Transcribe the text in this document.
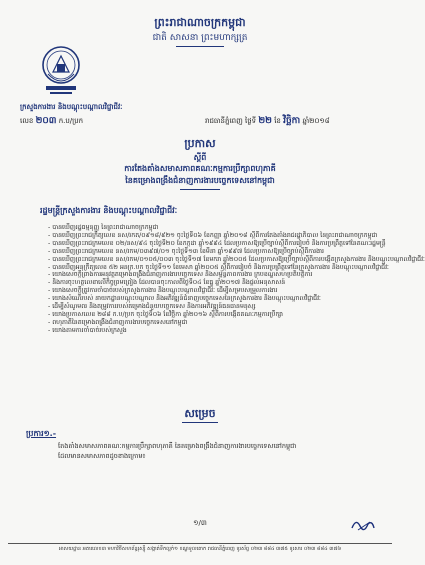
ព្រះរាជាណាចក្រកម្ពុជា
ជាតិ សាសនា ព្រះមហាក្សត្រ
ក្រសួងការងារ និងបណ្តុះបណ្តាលវិជ្ជាជីវៈ
លេខ ២០៣ ក.ប/ប្រក	រាជធានីភ្នំពេញ ថ្ងៃទី ២២ ខែ វិច្ឆិកា ឆ្នាំ២០១៨
ប្រកាស
ស្តីពី
ការតែងតាំងសមាសភាពគណៈកម្មការប្រឹក្សាពហុភាគី
នៃគម្រោងពង្រឹងជំនាញការងារបច្ចេកទេសនៅកម្ពុជា
រដ្ឋមន្ត្រីក្រសួងការងារ និងបណ្តុះបណ្តាលវិជ្ជាជីវៈ
- បានឃើញរដ្ឋធម្មនុញ្ញ នៃព្រះរាជាណាចក្រកម្ពុជា
- បានឃើញព្រះរាជក្រឹត្យលេខ នស/រកត/០៩១៨/៩២១ ចុះថ្ងៃទី០៦ ខែកញ្ញា ឆ្នាំ២០១៨ ស្តីពីការតែងតាំងរាជរដ្ឋាភិបាល នៃព្រះរាជាណាចក្រកម្ពុជា
- បានឃើញព្រះរាជក្រមលេខ ០២/នស/៩៤ ចុះថ្ងៃទី២០ ខែកក្កដា ឆ្នាំ១៩៩៤ ដែលប្រកាសឱ្យប្រើច្បាប់ស្តីពីការរៀបចំ និងការប្រព្រឹត្តទៅនៃគណៈរដ្ឋមន្ត្រី
- បានឃើញព្រះរាជក្រមលេខ នស/រកម/០៣៩៧/០១ ចុះថ្ងៃទី១៣ ខែមីនា ឆ្នាំ១៩៩៧ ដែលប្រកាសឱ្យប្រើច្បាប់ស្តីពីការងារ
- បានឃើញព្រះរាជក្រមលេខ នស/រកម/០១០៥/០០៣ ចុះថ្ងៃទី១៧ ខែមករា ឆ្នាំ២០០៥ ដែលប្រកាសឱ្យប្រើច្បាប់ស្តីពីការបង្កើតក្រសួងការងារ និងបណ្តុះបណ្តាលវិជ្ជាជីវៈ
- បានឃើញអនុក្រឹត្យលេខ ៥២ អនក្រ.បក ចុះថ្ងៃទី១១ ខែមេសា ឆ្នាំ២០០៥ ស្តីពីការរៀបចំ និងការប្រព្រឹត្តទៅនៃក្រសួងការងារ និងបណ្តុះបណ្តាលវិជ្ជាជីវៈ
- យោងសេចក្តីព្រាងការអនុវត្តគម្រោងពង្រឹងជំនាញការងារបច្ចេកទេស និងសម្ព័ន្ធភាពការងារ ក្របខណ្ឌសហប្រតិបត្តិការ
- និងការចុះហត្ថលេខាលើកិច្ចព្រមព្រៀង ដែលបានចុះកាលពីថ្ងៃទី០៤ ខែធ្នូ ឆ្នាំ២០១៧ និងផ្តល់អនុសាសន៍
- យោងសេចក្តីត្រូវការចាំបាច់របស់ក្រសួងការងារ និងបណ្តុះបណ្តាលវិជ្ជាជីវៈ ដើម្បីសម្របសម្រួលការងារ
- យោងសំណើរបស់ នាយកដ្ឋានបណ្តុះបណ្តាល និងអភិវឌ្ឍន៍ជំនាញបច្ចេកទេសនៃក្រសួងការងារ និងបណ្តុះបណ្តាលវិជ្ជាជីវៈ
- ដើម្បីសំណូមពរ និងតម្រូវការរបស់គម្រោងជំនួយបច្ចេកទេស និងការអភិវឌ្ឍន៍ធនធានមនុស្ស
- យោងប្រកាសលេខ ២៨៨ ក.ប/ប្រក ចុះថ្ងៃទី០៦ ខែវិច្ឆិកា ឆ្នាំ២០១៦ ស្តីពីការបង្កើតគណៈកម្មការប្រឹក្សា
- ពហុភាគីនៃគម្រោងពង្រឹងជំនាញការងារបច្ចេកទេសនៅកម្ពុជា
- យោងតាមការចាំបាច់របស់ក្រសួង
សម្រេច
ប្រការ១.-
តែងតាំងសមាសភាពគណៈកម្មការប្រឹក្សាពហុភាគី នៃគម្រោងពង្រឹងជំនាញការងារបច្ចេកទេសនៅកម្ពុជា
ដែលមានសមាសភាពដូចខាងក្រោម៖
១/៣
អាសយដ្ឋាន អគារលេខ៣ មហាវិថីសហព័ន្ធរុស្ស៊ី សង្កាត់ទឹកល្អក់១ ខណ្ឌទួលគោក រាជធានីភ្នំពេញ ទូរស័ព្ទ ០២៣ ៨៨៤ ៣៧៥ ទូរសារ ០២៣ ៨៨៤ ៣៧៦
